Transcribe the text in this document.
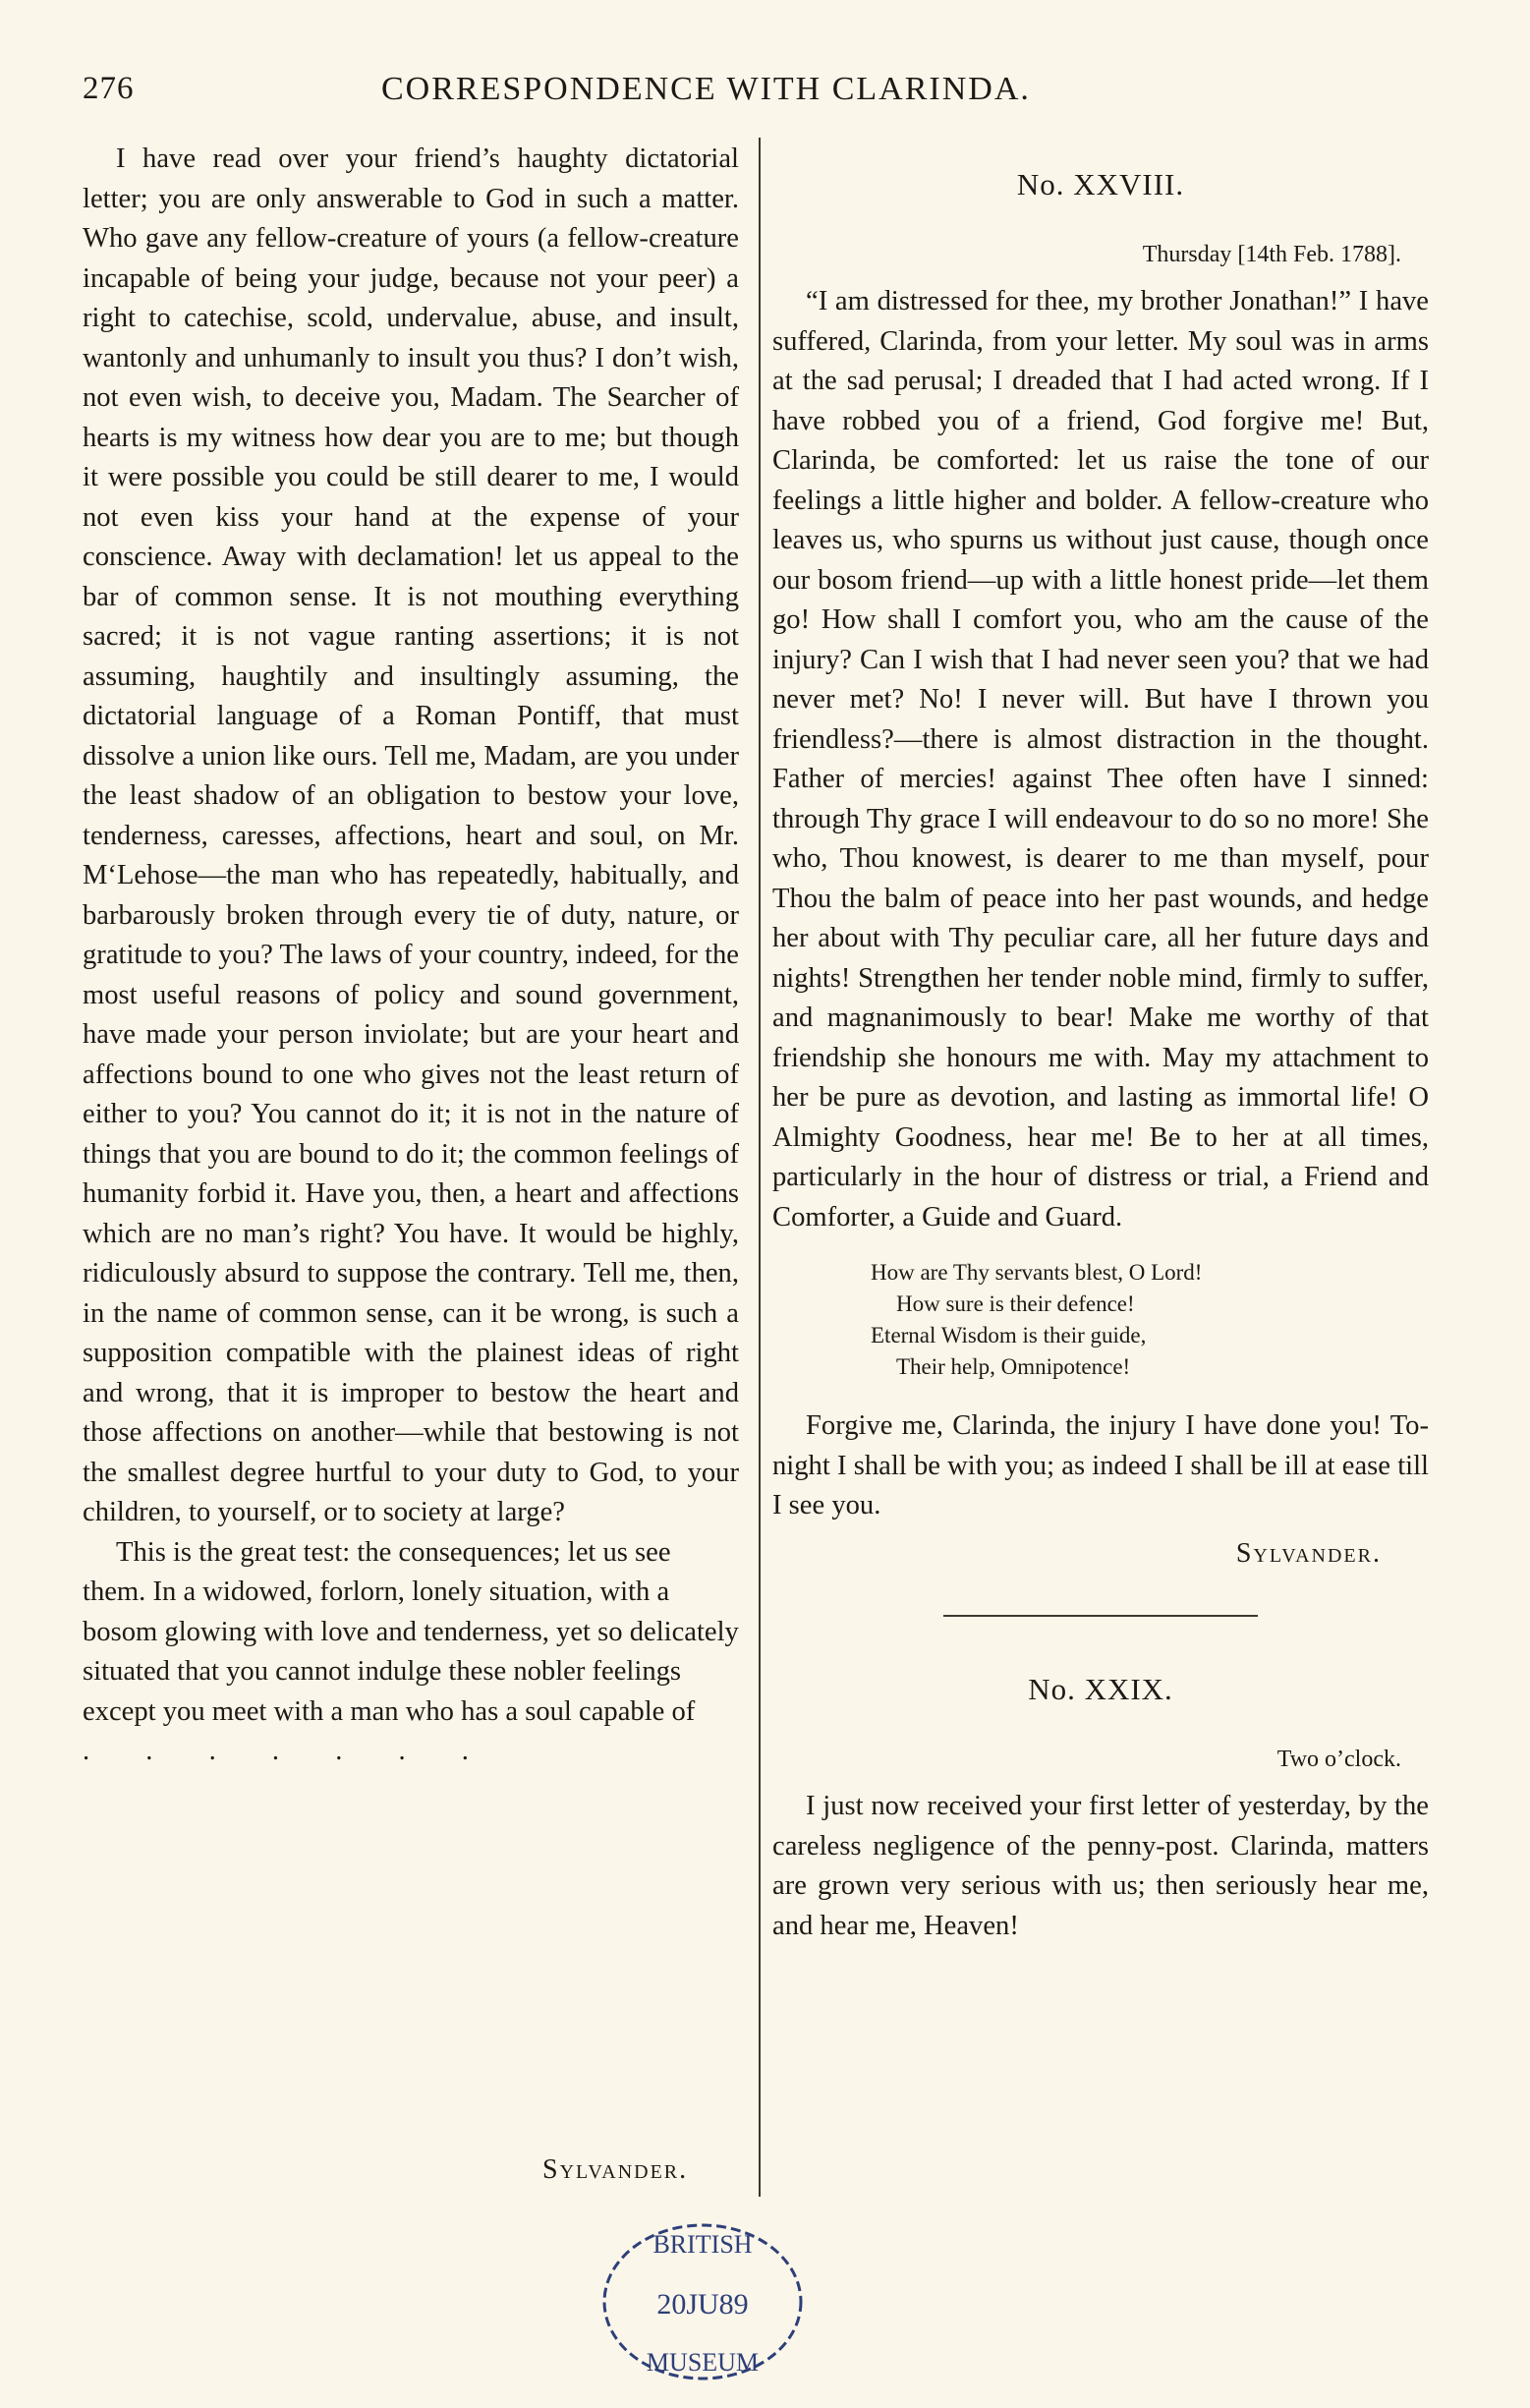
276	CORRESPONDENCE WITH CLARINDA.

I have read over your friend’s haughty dictatorial letter; you are only answerable to God in such a matter. Who gave any fellow-creature of yours (a fellow-creature incapable of being your judge, because not your peer) a right to catechise, scold, undervalue, abuse, and insult, wantonly and unhumanly to insult you thus? I don’t wish, not even wish, to deceive you, Madam. The Searcher of hearts is my witness how dear you are to me; but though it were possible you could be still dearer to me, I would not even kiss your hand at the expense of your conscience. Away with declamation! let us appeal to the bar of common sense. It is not mouthing everything sacred; it is not vague ranting assertions; it is not assuming, haughtily and insultingly assuming, the dictatorial language of a Roman Pontiff, that must dissolve a union like ours. Tell me, Madam, are you under the least shadow of an obligation to bestow your love, tenderness, caresses, affections, heart and soul, on Mr. M‘Lehose—the man who has repeatedly, habitually, and barbarously broken through every tie of duty, nature, or gratitude to you? The laws of your country, indeed, for the most useful reasons of policy and sound government, have made your person inviolate; but are your heart and affections bound to one who gives not the least return of either to you? You cannot do it; it is not in the nature of things that you are bound to do it; the common feelings of humanity forbid it. Have you, then, a heart and affections which are no man’s right? You have. It would be highly, ridiculously absurd to suppose the contrary. Tell me, then, in the name of common sense, can it be wrong, is such a supposition compatible with the plainest ideas of right and wrong, that it is improper to bestow the heart and those affections on another—while that bestowing is not the smallest degree hurtful to your duty to God, to your children, to yourself, or to society at large?

This is the great test: the consequences; let us see them. In a widowed, forlorn, lonely situation, with a bosom glowing with love and tenderness, yet so delicately situated that you cannot indulge these nobler feelings except you meet with a man who has a soul capable of
. . . . . . .

Sylvander.
No. XXVIII.
Thursday [14th Feb. 1788].

“I am distressed for thee, my brother Jonathan!” I have suffered, Clarinda, from your letter. My soul was in arms at the sad perusal; I dreaded that I had acted wrong. If I have robbed you of a friend, God forgive me! But, Clarinda, be comforted: let us raise the tone of our feelings a little higher and bolder. A fellow-creature who leaves us, who spurns us without just cause, though once our bosom friend—up with a little honest pride—let them go! How shall I comfort you, who am the cause of the injury? Can I wish that I had never seen you? that we had never met? No! I never will. But have I thrown you friendless?—there is almost distraction in the thought. Father of mercies! against Thee often have I sinned: through Thy grace I will endeavour to do so no more! She who, Thou knowest, is dearer to me than myself, pour Thou the balm of peace into her past wounds, and hedge her about with Thy peculiar care, all her future days and nights! Strengthen her tender noble mind, firmly to suffer, and magnanimously to bear! Make me worthy of that friendship she honours me with. May my attachment to her be pure as devotion, and lasting as immortal life! O Almighty Goodness, hear me! Be to her at all times, particularly in the hour of distress or trial, a Friend and Comforter, a Guide and Guard.

How are Thy servants blest, O Lord!
How sure is their defence!
Eternal Wisdom is their guide,
Their help, Omnipotence!

Forgive me, Clarinda, the injury I have done you! To-night I shall be with you; as indeed I shall be ill at ease till I see you.

Sylvander.
No. XXIX.
Two o’clock.

I just now received your first letter of yesterday, by the careless negligence of the penny-post. Clarinda, matters are grown very serious with us; then seriously hear me, and hear me, Heaven!

BRITISH
20JU89
MUSEUM
